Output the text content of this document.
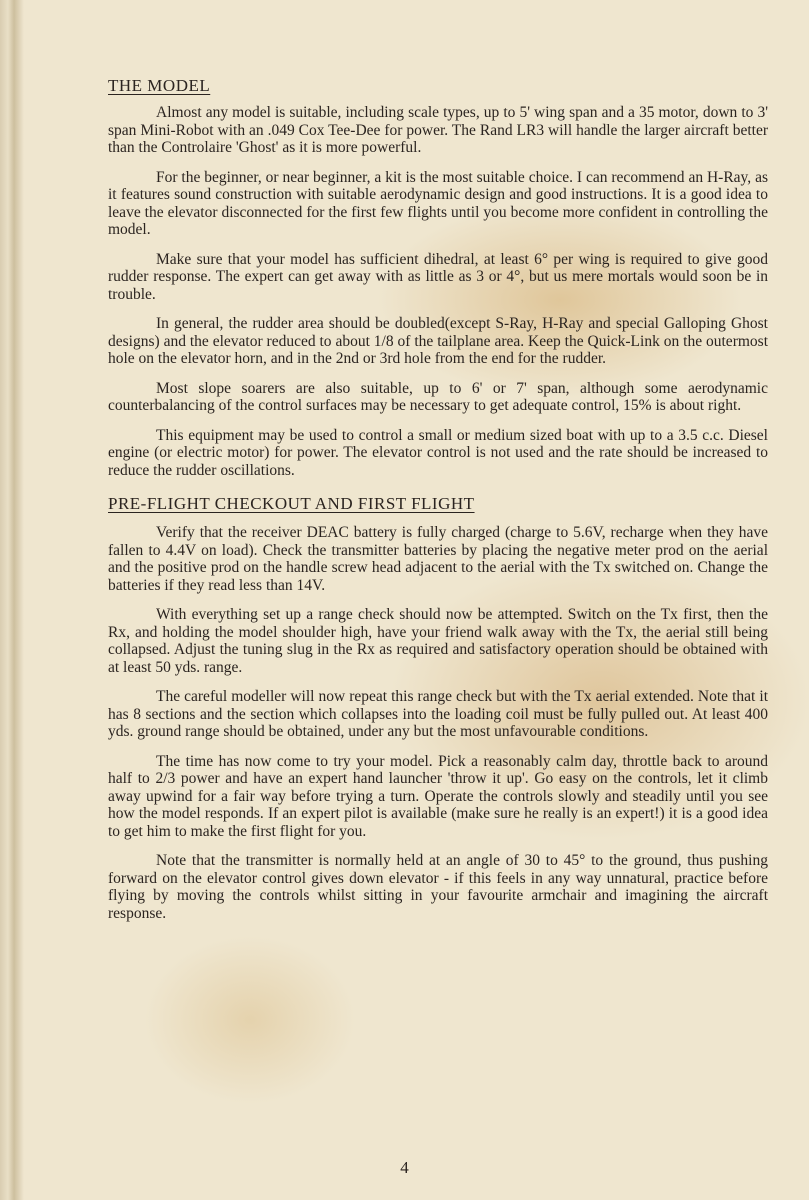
THE MODEL

Almost any model is suitable, including scale types, up to 5' wing span and a 35 motor, down to 3' span Mini-Robot with an .049 Cox Tee-Dee for power. The Rand LR3 will handle the larger aircraft better than the Controlaire 'Ghost' as it is more powerful.

For the beginner, or near beginner, a kit is the most suitable choice. I can recommend an H-Ray, as it features sound construction with suitable aerodynamic design and good instructions. It is a good idea to leave the elevator disconnected for the first few flights until you become more confident in controlling the model.

Make sure that your model has sufficient dihedral, at least 6° per wing is required to give good rudder response. The expert can get away with as little as 3 or 4°, but us mere mortals would soon be in trouble.

In general, the rudder area should be doubled(except S-Ray, H-Ray and special Galloping Ghost designs) and the elevator reduced to about 1/8 of the tailplane area. Keep the Quick-Link on the outermost hole on the elevator horn, and in the 2nd or 3rd hole from the end for the rudder.

Most slope soarers are also suitable, up to 6' or 7' span, although some aerodynamic counterbalancing of the control surfaces may be necessary to get adequate control, 15% is about right.

This equipment may be used to control a small or medium sized boat with up to a 3.5 c.c. Diesel engine (or electric motor) for power. The elevator control is not used and the rate should be increased to reduce the rudder oscillations.

PRE-FLIGHT CHECKOUT AND FIRST FLIGHT

Verify that the receiver DEAC battery is fully charged (charge to 5.6V, recharge when they have fallen to 4.4V on load). Check the transmitter batteries by placing the negative meter prod on the aerial and the positive prod on the handle screw head adjacent to the aerial with the Tx switched on. Change the batteries if they read less than 14V.

With everything set up a range check should now be attempted. Switch on the Tx first, then the Rx, and holding the model shoulder high, have your friend walk away with the Tx, the aerial still being collapsed. Adjust the tuning slug in the Rx as required and satisfactory operation should be obtained with at least 50 yds. range.

The careful modeller will now repeat this range check but with the Tx aerial extended. Note that it has 8 sections and the section which collapses into the loading coil must be fully pulled out. At least 400 yds. ground range should be obtained, under any but the most unfavourable conditions.

The time has now come to try your model. Pick a reasonably calm day, throttle back to around half to 2/3 power and have an expert hand launcher 'throw it up'. Go easy on the controls, let it climb away upwind for a fair way before trying a turn. Operate the controls slowly and steadily until you see how the model responds. If an expert pilot is available (make sure he really is an expert!) it is a good idea to get him to make the first flight for you.

Note that the transmitter is normally held at an angle of 30 to 45° to the ground, thus pushing forward on the elevator control gives down elevator - if this feels in any way unnatural, practice before flying by moving the controls whilst sitting in your favourite armchair and imagining the aircraft response.

4
